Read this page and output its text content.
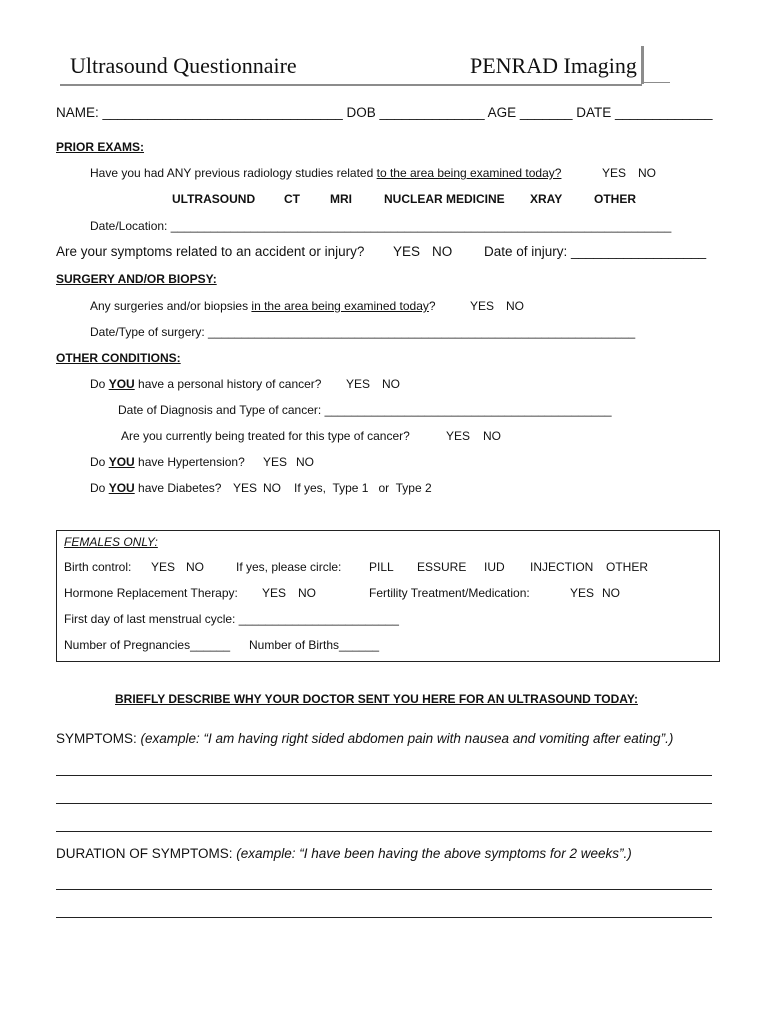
Ultrasound Questionnaire	PENRAD Imaging
NAME: ________________________________ DOB ______________ AGE _______ DATE _____________
PRIOR EXAMS:
Have you had ANY previous radiology studies related to the area being examined today?	YES NO
ULTRASOUND CT	MRI	NUCLEAR MEDICINE XRAY	OTHER
Date/Location: ___________________________________________________________________________
Are your symptoms related to an accident or injury? YES NO Date of injury: __________________
SURGERY AND/OR BIOPSY:
Any surgeries and/or biopsies in the area being examined today?	YES NO
Date/Type of surgery: ________________________________________________________________
OTHER CONDITIONS:
Do YOU have a personal history of cancer? YES NO
Date of Diagnosis and Type of cancer: ___________________________________________
Are you currently being treated for this type of cancer?	YES NO
Do YOU have Hypertension? YES NO
Do YOU have Diabetes? YES NO If yes,  Type 1   or  Type 2
FEMALES ONLY:
Birth control: YES NO	If yes, please circle: PILL ESSURE IUD INJECTION OTHER
Hormone Replacement Therapy: YES NO	Fertility Treatment/Medication:	YES NO
First day of last menstrual cycle: ________________________
Number of Pregnancies______ Number of Births______
BRIEFLY DESCRIBE WHY YOUR DOCTOR SENT YOU HERE FOR AN ULTRASOUND TODAY:
SYMPTOMS: (example: “I am having right sided abdomen pain with nausea and vomiting after eating”.)
DURATION OF SYMPTOMS: (example: “I have been having the above symptoms for 2 weeks”.)
